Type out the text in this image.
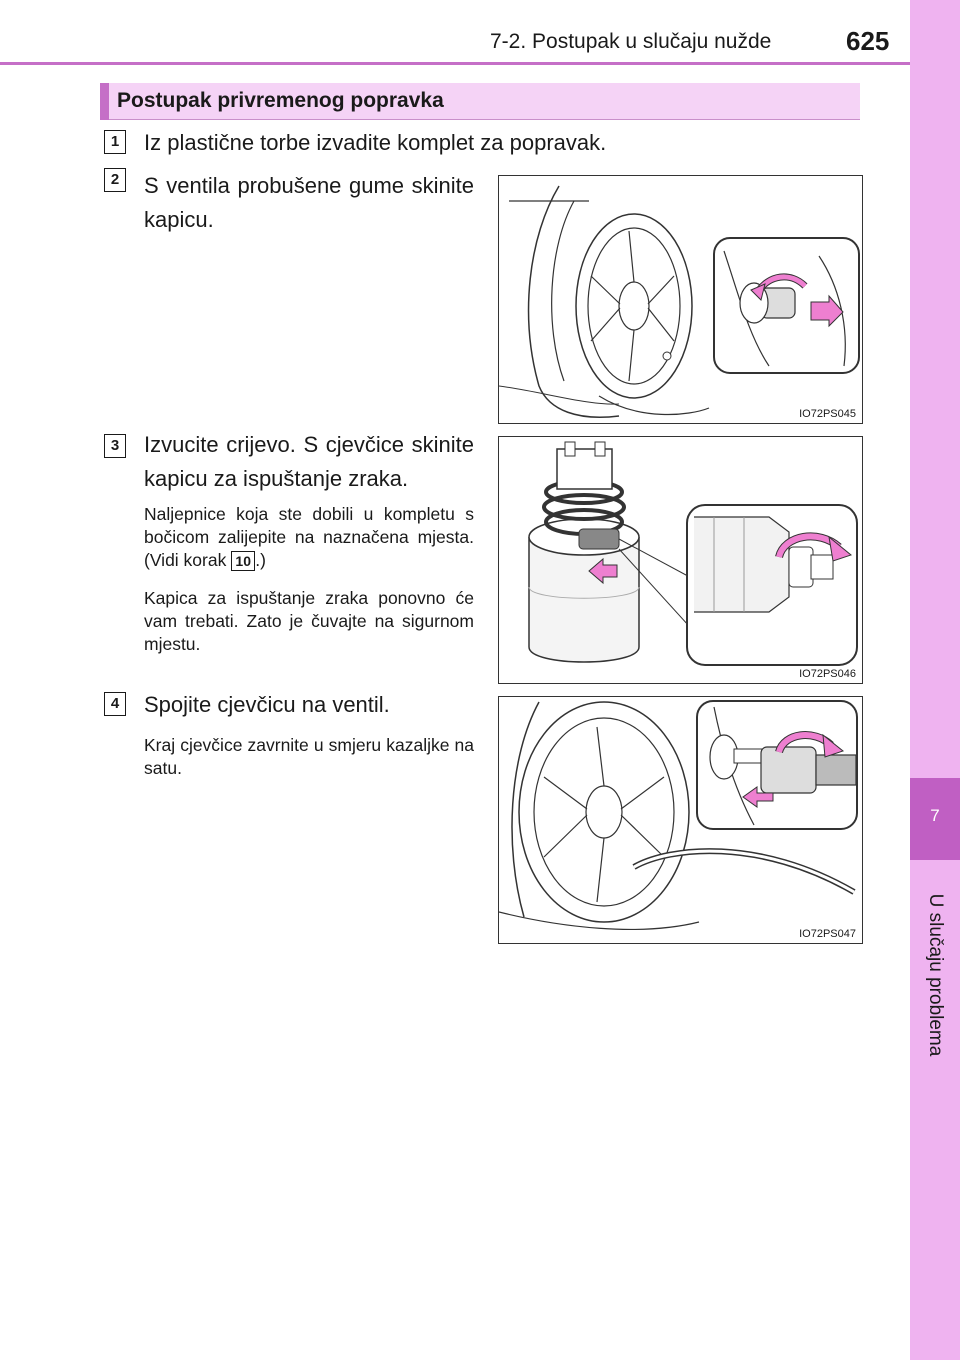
7-2. Postupak u slučaju nužde	625
7
U slučaju problema
Postupak privremenog popravka
1	Iz plastične torbe izvadite komplet za popravak.
2	S ventila probušene gume skinite kapicu.
IO72PS045
3	Izvucite crijevo. S cjevčice skinite kapicu za ispuštanje zraka.
Naljepnice koja ste dobili u kompletu s bočicom zalijepite na naznačena mjesta. (Vidi korak 10 .)
Kapica za ispuštanje zraka ponovno će vam trebati. Zato je čuvajte na sigurnom mjestu.
IO72PS046
4	Spojite cjevčicu na ventil.
Kraj cjevčice zavrnite u smjeru kazaljke na satu.
IO72PS047
